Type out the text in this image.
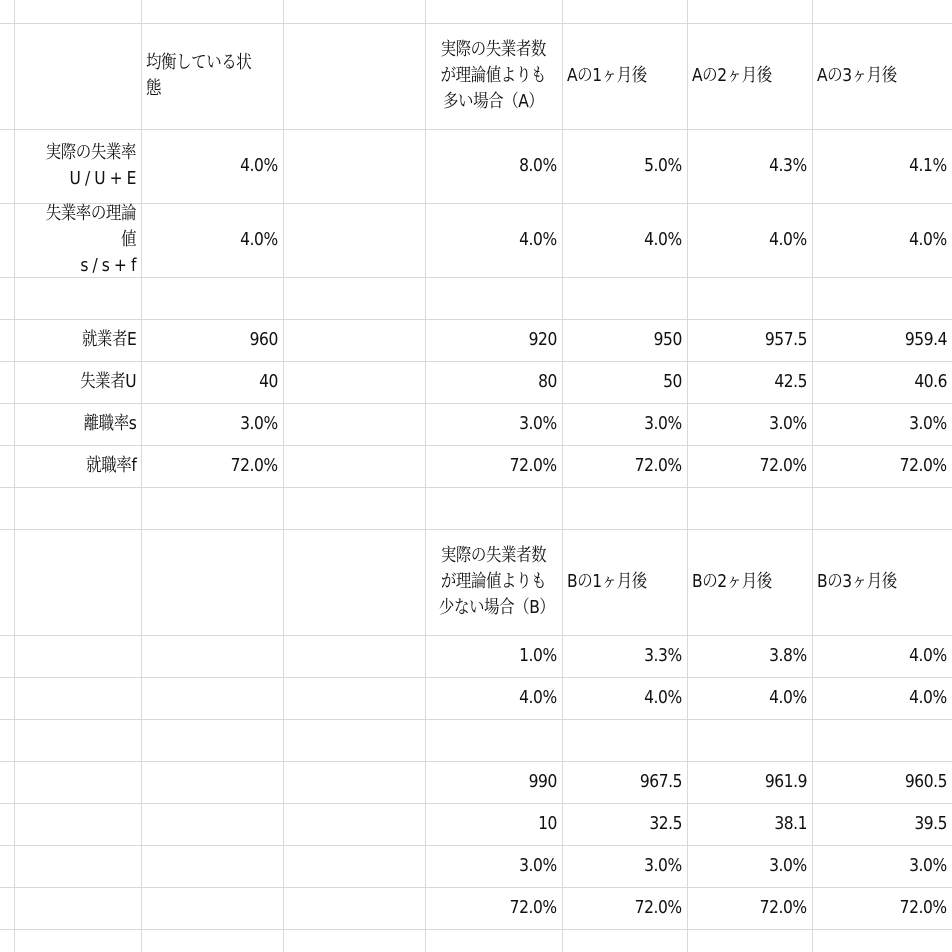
均衡している状態
実際の失業者数
が理論値よりも
多い場合（A）
Aの1ヶ月後	Aの2ヶ月後	Aの3ヶ月後
実際の失業率
U / U + E
4.0%	8.0%	5.0%	4.3%	4.1%
失業率の理論値
s / s + f
4.0%	4.0%	4.0%	4.0%	4.0%
就業者E	960	920	950	957.5	959.4
失業者U	40	80	50	42.5	40.6
離職率s	3.0%	3.0%	3.0%	3.0%	3.0%
就職率f	72.0%	72.0%	72.0%	72.0%	72.0%
実際の失業者数
が理論値よりも
少ない場合（B）
Bの1ヶ月後	Bの2ヶ月後	Bの3ヶ月後
1.0%	3.3%	3.8%	4.0%
4.0%	4.0%	4.0%	4.0%
990	967.5	961.9	960.5
10	32.5	38.1	39.5
3.0%	3.0%	3.0%	3.0%
72.0%	72.0%	72.0%	72.0%
